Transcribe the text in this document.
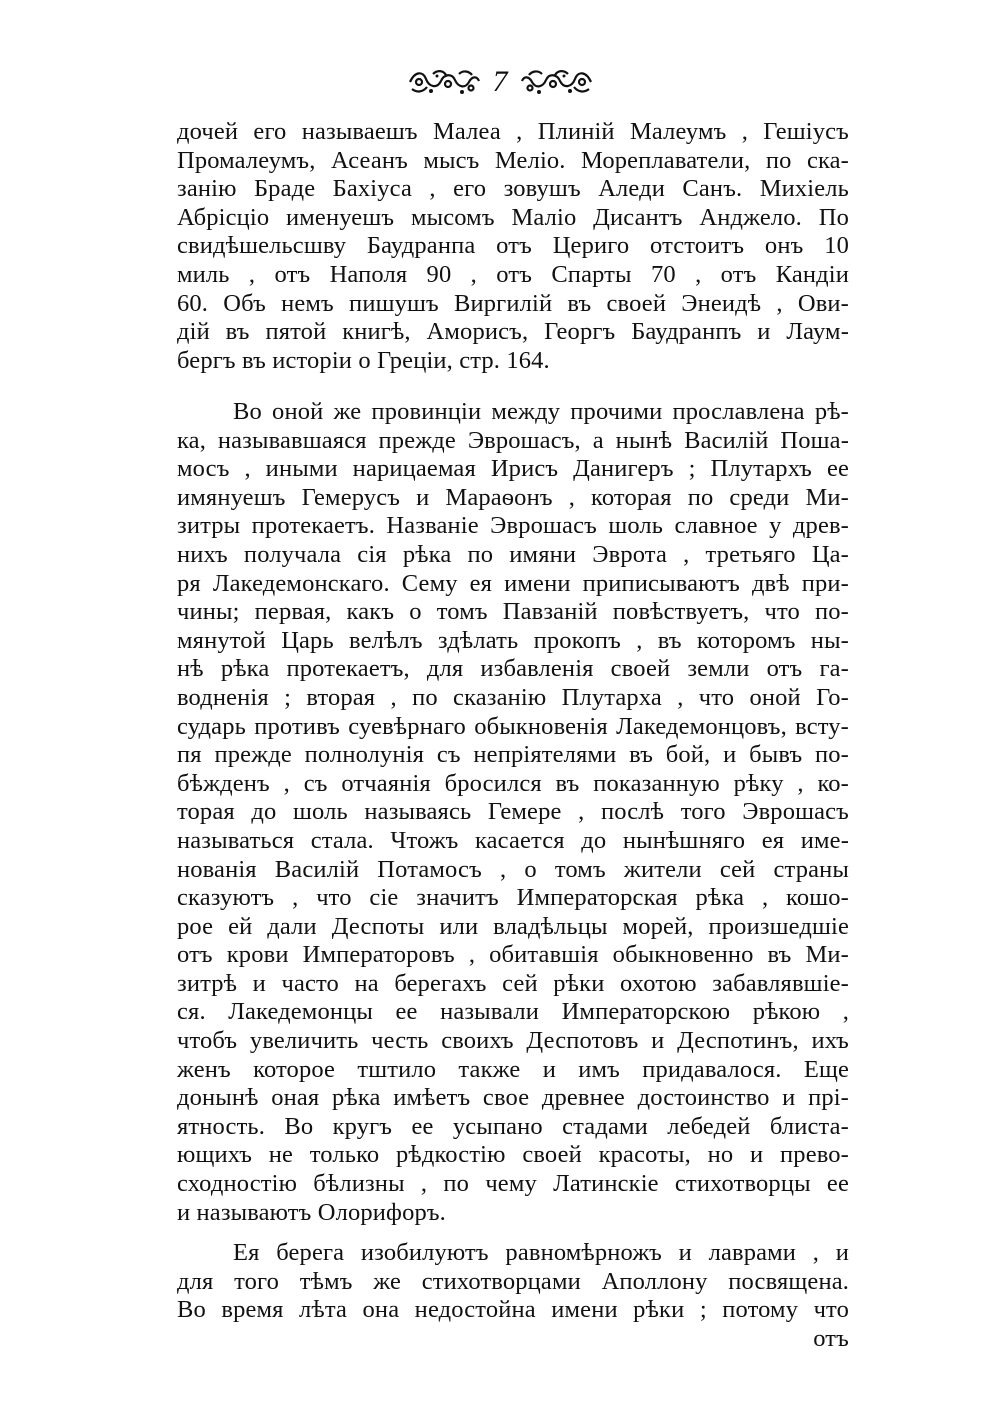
7
дочей его называешъ Малеа , Плиній Малеумъ , Гешіусъ
Промалеумъ, Асеанъ мысъ Меліо. Мореплаватели, по ска-
занію Браде Бахіуса , его зовушъ Аледи Санъ. Михіель
Абрісціо именуешъ мысомъ Маліо Дисантъ Анджело. По
свидѣшельсшву Баудранпа отъ Цериго отстоитъ онъ 10
миль , отъ Наполя 90 , отъ Спарты 70 , отъ Кандіи
60. Объ немъ пишушъ Виргилій въ своей Энеидѣ , Ови-
дій въ пятой книгѣ, Аморисъ, Георгъ Баудранпъ и Лаум-
бергъ въ исторіи о Греціи, стр. 164.
Во оной же провинціи между прочими прославлена рѣ-
ка, называвшаяся прежде Эврошасъ, а нынѣ Василій Пошa-
мосъ , иными нарицаемая Ирисъ Данигеръ ; Плутархъ ее
имянуешъ Гемерусъ и Мараѳонъ , которая по среди Ми-
зитры протекаетъ. Названіе Эврошасъ шоль славное у древ-
нихъ получала сія рѣка по имяни Эврота , третьяго Ца-
ря Лакедемонскаго. Сему ея имени приписываютъ двѣ при-
чины; первая, какъ о томъ Павзаній повѣствуетъ, что по-
мянутой Царь велѣлъ здѣлать прокопъ , въ которомъ ны-
нѣ рѣка протекаетъ, для избавленія своей земли отъ га-
водненія ; вторая , по сказанію Плутарха , что оной Го-
сударь противъ суевѣрнаго обыкновенія Лакедемонцовъ, всту-
пя прежде полнолунія съ непріятелями въ бой, и бывъ по-
бѣжденъ , съ отчаянія бросился въ показанную рѣку , ко-
торая до шоль называясь Гемере , послѣ того Эврошасъ
называться стала. Чтожъ касается до нынѣшняго ея име-
нованія Василій Потамосъ , о томъ жители сей страны
сказуютъ , что сіе значитъ Императорская рѣка , кошо-
рое ей дали Деспоты или владѣльцы морей, произшедшіе
отъ крови Императоровъ , обитавшія обыкновенно въ Ми-
зитрѣ и часто на берегахъ сей рѣки охотою забавлявшіе-
ся. Лакедемонцы ее называли Императорскою рѣкою ,
чтобъ увеличить честь своихъ Деспотовъ и Деспотинъ, ихъ
женъ которое тштило также и имъ придавалося. Еще
донынѣ оная рѣка имѣетъ свое древнее достоинство и прі-
ятность. Во кругъ ее усыпано стадами лебедей блиста-
ющихъ не только рѣдкостію своей красоты, но и прево-
сходностію бѣлизны , по чему Латинскіе стихотворцы ее
и называютъ Олорифоръ.
Ея берега изобилуютъ равномѣрножъ и лаврами , и
для того тѣмъ же стихотворцами Аполлону посвящена.
Во время лѣта она недостойна имени рѣки ; потому что
отъ
